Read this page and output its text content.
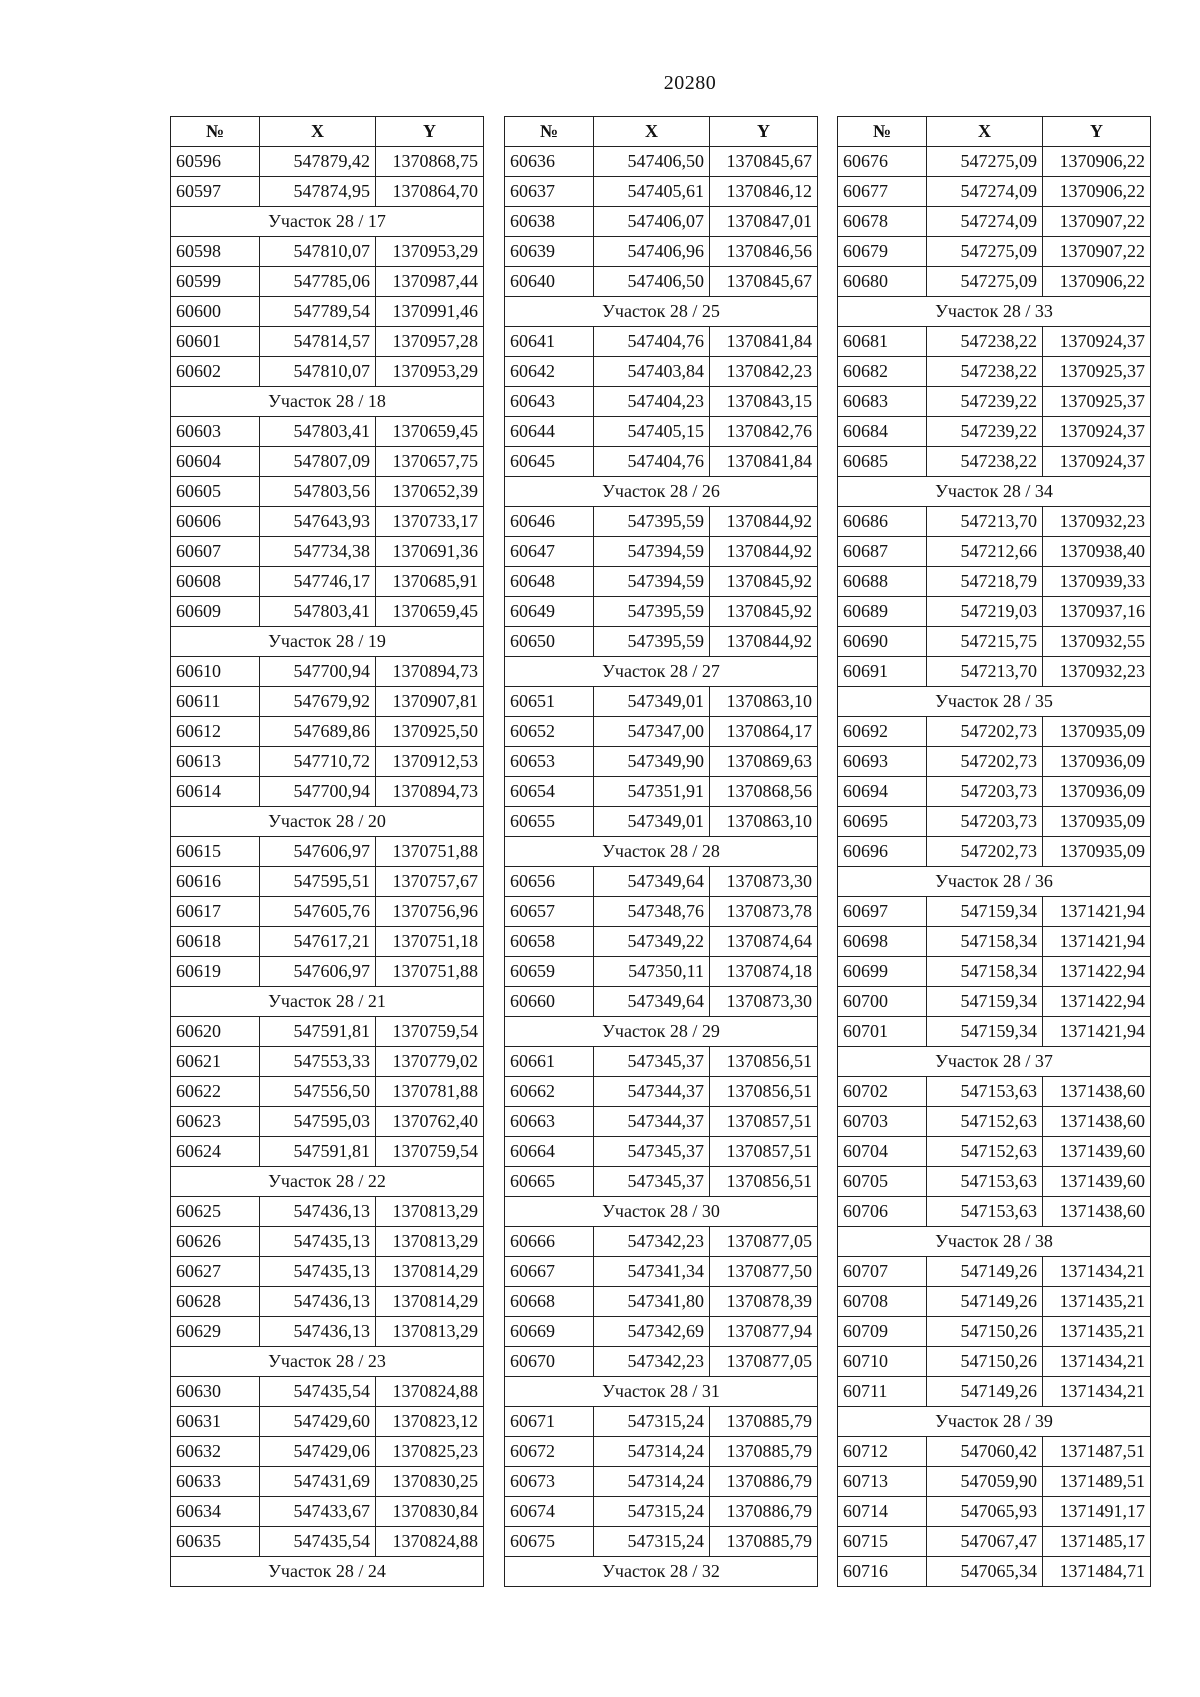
20280
№	X	Y
60596	547879,42	1370868,75
60597	547874,95	1370864,70
Участок 28 / 17		
60598	547810,07	1370953,29
60599	547785,06	1370987,44
60600	547789,54	1370991,46
60601	547814,57	1370957,28
60602	547810,07	1370953,29
Участок 28 / 18		
60603	547803,41	1370659,45
60604	547807,09	1370657,75
60605	547803,56	1370652,39
60606	547643,93	1370733,17
60607	547734,38	1370691,36
60608	547746,17	1370685,91
60609	547803,41	1370659,45
Участок 28 / 19		
60610	547700,94	1370894,73
60611	547679,92	1370907,81
60612	547689,86	1370925,50
60613	547710,72	1370912,53
60614	547700,94	1370894,73
Участок 28 / 20		
60615	547606,97	1370751,88
60616	547595,51	1370757,67
60617	547605,76	1370756,96
60618	547617,21	1370751,18
60619	547606,97	1370751,88
Участок 28 / 21		
60620	547591,81	1370759,54
60621	547553,33	1370779,02
60622	547556,50	1370781,88
60623	547595,03	1370762,40
60624	547591,81	1370759,54
Участок 28 / 22		
60625	547436,13	1370813,29
60626	547435,13	1370813,29
60627	547435,13	1370814,29
60628	547436,13	1370814,29
60629	547436,13	1370813,29
Участок 28 / 23		
60630	547435,54	1370824,88
60631	547429,60	1370823,12
60632	547429,06	1370825,23
60633	547431,69	1370830,25
60634	547433,67	1370830,84
60635	547435,54	1370824,88
Участок 28 / 24		
№	X	Y
60636	547406,50	1370845,67
60637	547405,61	1370846,12
60638	547406,07	1370847,01
60639	547406,96	1370846,56
60640	547406,50	1370845,67
Участок 28 / 25		
60641	547404,76	1370841,84
60642	547403,84	1370842,23
60643	547404,23	1370843,15
60644	547405,15	1370842,76
60645	547404,76	1370841,84
Участок 28 / 26		
60646	547395,59	1370844,92
60647	547394,59	1370844,92
60648	547394,59	1370845,92
60649	547395,59	1370845,92
60650	547395,59	1370844,92
Участок 28 / 27		
60651	547349,01	1370863,10
60652	547347,00	1370864,17
60653	547349,90	1370869,63
60654	547351,91	1370868,56
60655	547349,01	1370863,10
Участок 28 / 28		
60656	547349,64	1370873,30
60657	547348,76	1370873,78
60658	547349,22	1370874,64
60659	547350,11	1370874,18
60660	547349,64	1370873,30
Участок 28 / 29		
60661	547345,37	1370856,51
60662	547344,37	1370856,51
60663	547344,37	1370857,51
60664	547345,37	1370857,51
60665	547345,37	1370856,51
Участок 28 / 30		
60666	547342,23	1370877,05
60667	547341,34	1370877,50
60668	547341,80	1370878,39
60669	547342,69	1370877,94
60670	547342,23	1370877,05
Участок 28 / 31		
60671	547315,24	1370885,79
60672	547314,24	1370885,79
60673	547314,24	1370886,79
60674	547315,24	1370886,79
60675	547315,24	1370885,79
Участок 28 / 32		
№	X	Y
60676	547275,09	1370906,22
60677	547274,09	1370906,22
60678	547274,09	1370907,22
60679	547275,09	1370907,22
60680	547275,09	1370906,22
Участок 28 / 33		
60681	547238,22	1370924,37
60682	547238,22	1370925,37
60683	547239,22	1370925,37
60684	547239,22	1370924,37
60685	547238,22	1370924,37
Участок 28 / 34		
60686	547213,70	1370932,23
60687	547212,66	1370938,40
60688	547218,79	1370939,33
60689	547219,03	1370937,16
60690	547215,75	1370932,55
60691	547213,70	1370932,23
Участок 28 / 35		
60692	547202,73	1370935,09
60693	547202,73	1370936,09
60694	547203,73	1370936,09
60695	547203,73	1370935,09
60696	547202,73	1370935,09
Участок 28 / 36		
60697	547159,34	1371421,94
60698	547158,34	1371421,94
60699	547158,34	1371422,94
60700	547159,34	1371422,94
60701	547159,34	1371421,94
Участок 28 / 37		
60702	547153,63	1371438,60
60703	547152,63	1371438,60
60704	547152,63	1371439,60
60705	547153,63	1371439,60
60706	547153,63	1371438,60
Участок 28 / 38		
60707	547149,26	1371434,21
60708	547149,26	1371435,21
60709	547150,26	1371435,21
60710	547150,26	1371434,21
60711	547149,26	1371434,21
Участок 28 / 39		
60712	547060,42	1371487,51
60713	547059,90	1371489,51
60714	547065,93	1371491,17
60715	547067,47	1371485,17
60716	547065,34	1371484,71
